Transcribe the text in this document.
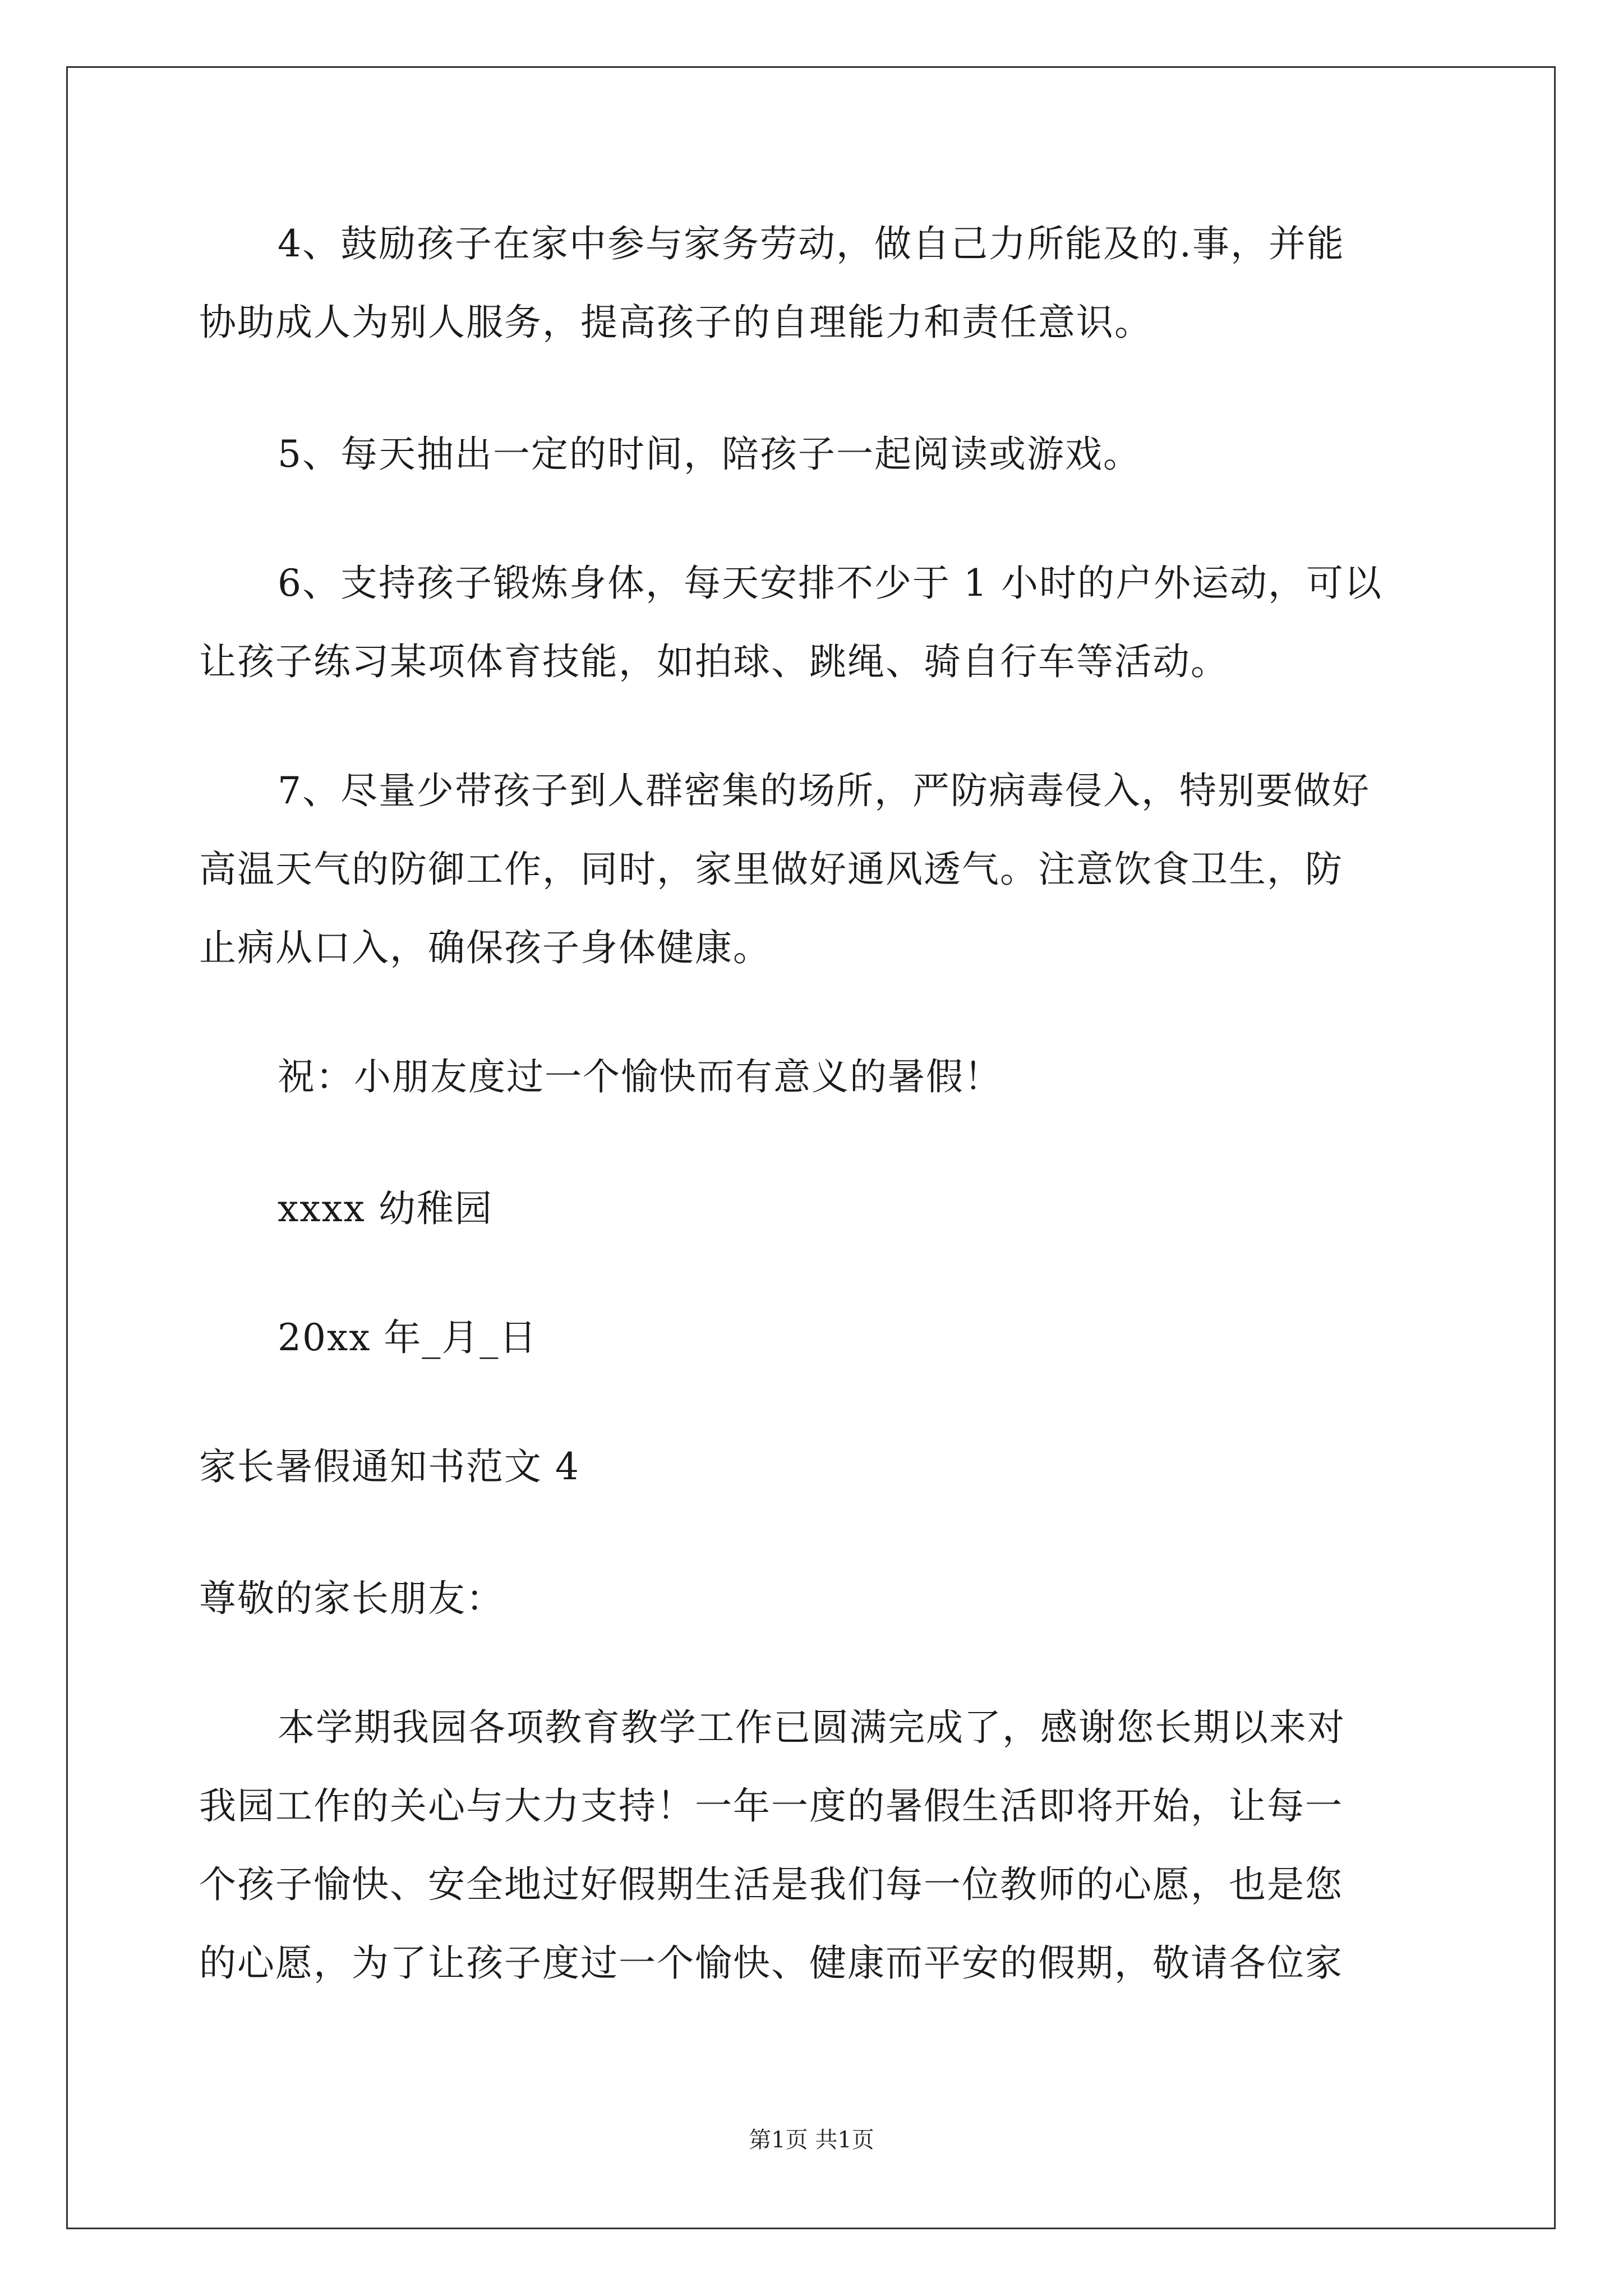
4、鼓励孩子在家中参与家务劳动，做自己力所能及的.事，并能
协助成人为别人服务，提高孩子的自理能力和责任意识。
5、每天抽出一定的时间，陪孩子一起阅读或游戏。
6、支持孩子锻炼身体，每天安排不少于 1 小时的户外运动，可以
让孩子练习某项体育技能，如拍球、跳绳、骑自行车等活动。
7、尽量少带孩子到人群密集的场所，严防病毒侵入，特别要做好
高温天气的防御工作，同时，家里做好通风透气。注意饮食卫生，防
止病从口入，确保孩子身体健康。
祝：小朋友度过一个愉快而有意义的暑假！
xxxx 幼稚园
20xx 年_月_日
家长暑假通知书范文 4
尊敬的家长朋友：
本学期我园各项教育教学工作已圆满完成了，感谢您长期以来对
我园工作的关心与大力支持！一年一度的暑假生活即将开始，让每一
个孩子愉快、安全地过好假期生活是我们每一位教师的心愿，也是您
的心愿，为了让孩子度过一个愉快、健康而平安的假期，敬请各位家
第1页 共1页
